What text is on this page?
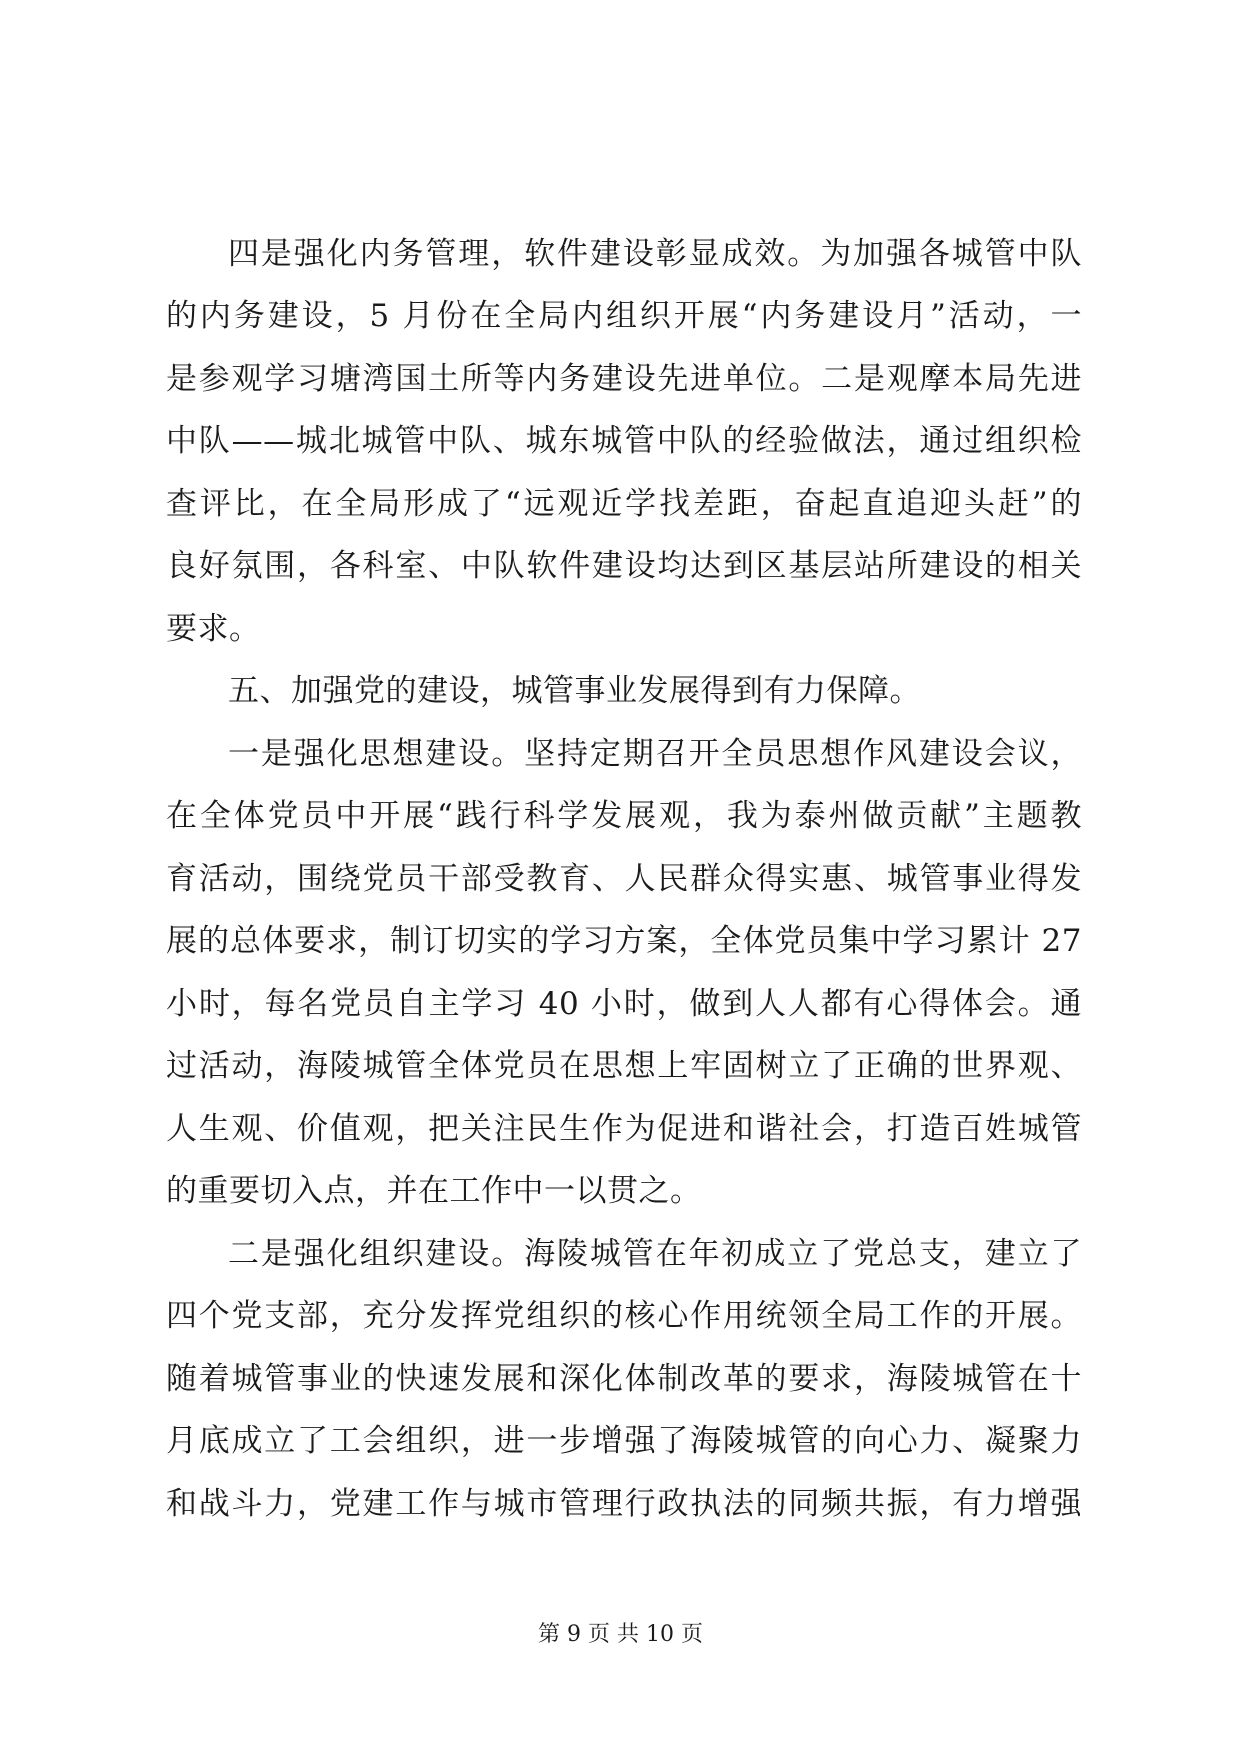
四是强化内务管理，软件建设彰显成效。为加强各城管中队
的内务建设，5 月份在全局内组织开展“内务建设月”活动，一
是参观学习塘湾国土所等内务建设先进单位。二是观摩本局先进
中队——城北城管中队、城东城管中队的经验做法，通过组织检
查评比，在全局形成了“远观近学找差距，奋起直追迎头赶”的
良好氛围，各科室、中队软件建设均达到区基层站所建设的相关
要求。
五、加强党的建设，城管事业发展得到有力保障。
一是强化思想建设。坚持定期召开全员思想作风建设会议，
在全体党员中开展“践行科学发展观，我为泰州做贡献”主题教
育活动，围绕党员干部受教育、人民群众得实惠、城管事业得发
展的总体要求，制订切实的学习方案，全体党员集中学习累计 27
小时，每名党员自主学习 40 小时，做到人人都有心得体会。通
过活动，海陵城管全体党员在思想上牢固树立了正确的世界观、
人生观、价值观，把关注民生作为促进和谐社会，打造百姓城管
的重要切入点，并在工作中一以贯之。
二是强化组织建设。海陵城管在年初成立了党总支，建立了
四个党支部，充分发挥党组织的核心作用统领全局工作的开展。
随着城管事业的快速发展和深化体制改革的要求，海陵城管在十
月底成立了工会组织，进一步增强了海陵城管的向心力、凝聚力
和战斗力，党建工作与城市管理行政执法的同频共振，有力增强
第 9 页 共 10 页
